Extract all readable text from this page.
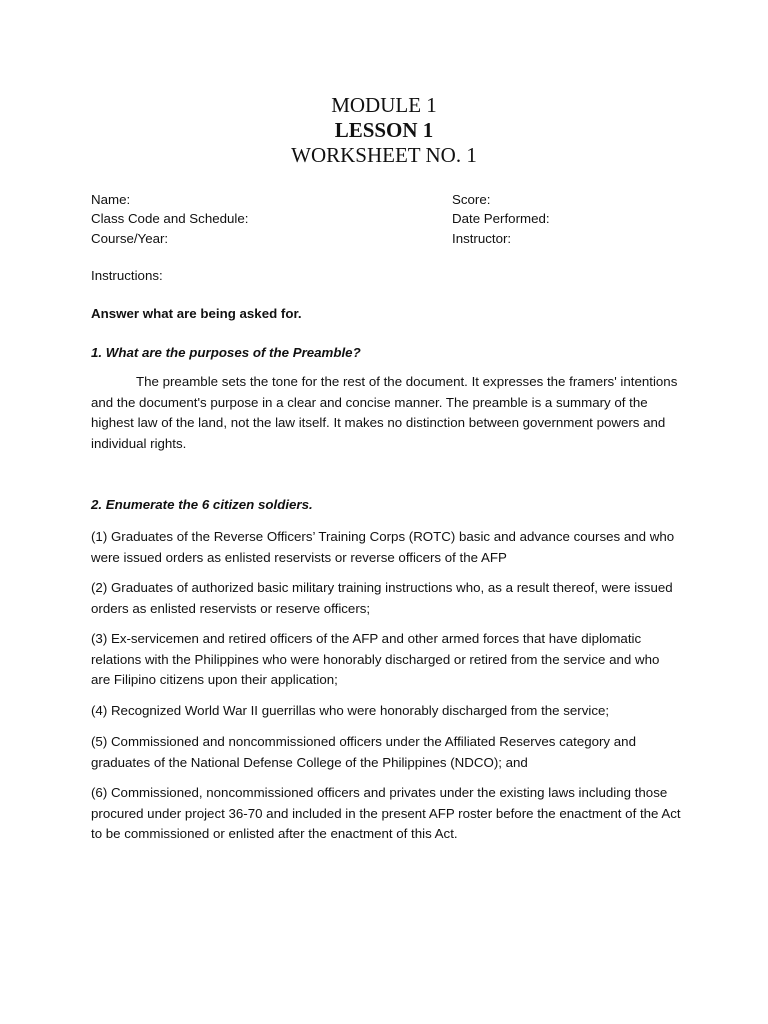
MODULE 1
LESSON 1
WORKSHEET NO. 1
Name:
Class Code and Schedule:
Course/Year:
Score:
Date Performed:
Instructor:
Instructions:
Answer what are being asked for.
1. What are the purposes of the Preamble?

The preamble sets the tone for the rest of the document. It expresses the framers' intentions and the document's purpose in a clear and concise manner. The preamble is a summary of the highest law of the land, not the law itself. It makes no distinction between government powers and individual rights.

2. Enumerate the 6 citizen soldiers.
(1) Graduates of the Reverse Officers’ Training Corps (ROTC) basic and advance courses and who were issued orders as enlisted reservists or reverse officers of the AFP
(2) Graduates of authorized basic military training instructions who, as a result thereof, were issued orders as enlisted reservists or reserve officers;
(3) Ex-servicemen and retired officers of the AFP and other armed forces that have diplomatic relations with the Philippines who were honorably discharged or retired from the service and who are Filipino citizens upon their application;
(4) Recognized World War II guerrillas who were honorably discharged from the service;
(5) Commissioned and noncommissioned officers under the Affiliated Reserves category and graduates of the National Defense College of the Philippines (NDCO); and
(6) Commissioned, noncommissioned officers and privates under the existing laws including those procured under project 36-70 and included in the present AFP roster before the enactment of the Act to be commissioned or enlisted after the enactment of this Act.
